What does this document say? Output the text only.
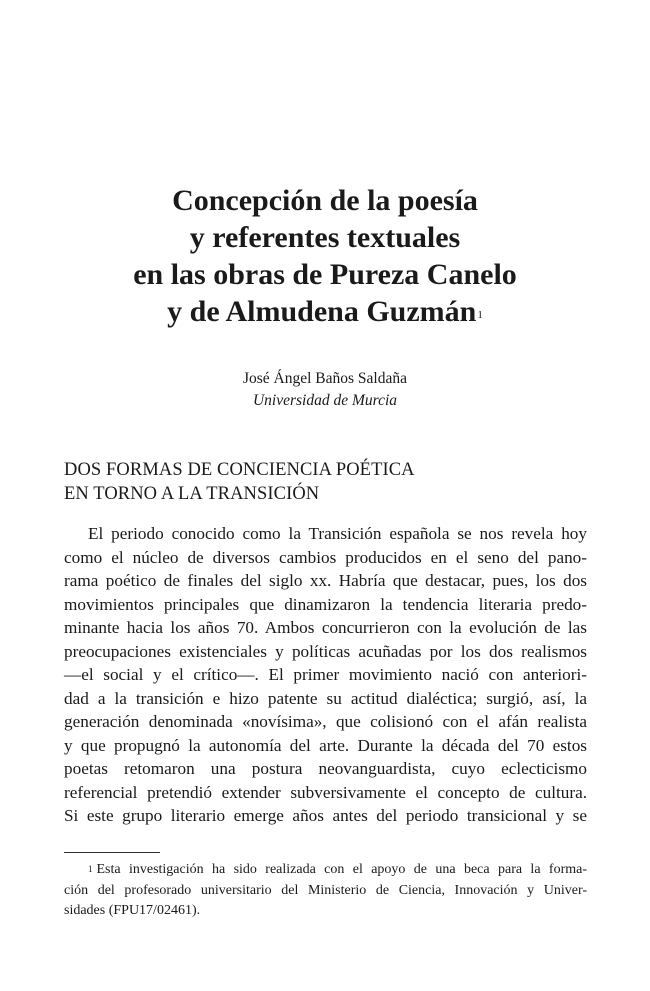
Concepción de la poesía
y referentes textuales
en las obras de Pureza Canelo
y de Almudena Guzmán$^1$
José Ángel Baños Saldaña
Universidad de Murcia
DOS FORMAS DE CONCIENCIA POÉTICA
EN TORNO A LA TRANSICIÓN

El periodo conocido como la Transición española se nos revela hoy
como el núcleo de diversos cambios producidos en el seno del pano-
rama poético de finales del siglo xx. Habría que destacar, pues, los dos
movimientos principales que dinamizaron la tendencia literaria predo-
minante hacia los años 70. Ambos concurrieron con la evolución de las
preocupaciones existenciales y políticas acuñadas por los dos realismos
—el social y el crítico—. El primer movimiento nació con anteriori-
dad a la transición e hizo patente su actitud dialéctica; surgió, así, la
generación denominada «novísima», que colisionó con el afán realista
y que propugnó la autonomía del arte. Durante la década del 70 estos
poetas retomaron una postura neovanguardista, cuyo eclecticismo
referencial pretendió extender subversivamente el concepto de cultura.
Si este grupo literario emerge años antes del periodo transicional y se

$^1$ Esta investigación ha sido realizada con el apoyo de una beca para la forma-
ción del profesorado universitario del Ministerio de Ciencia, Innovación y Univer-
sidades (FPU17/02461).
